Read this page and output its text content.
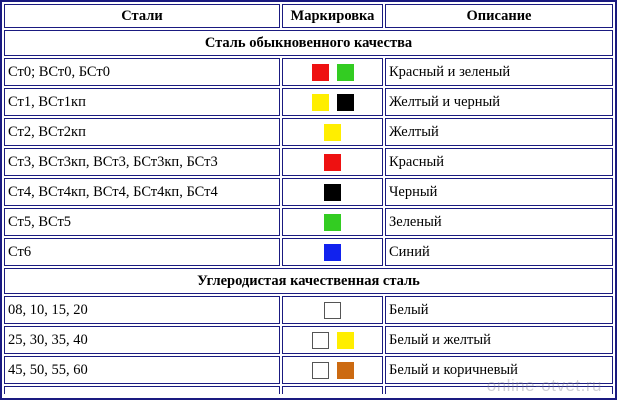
Стали	Маркировка	Описание
Сталь обыкновенного качества		
Ст0; ВСт0, БСт0		Красный и зеленый
Ст1, ВСт1кп		Желтый и черный
Ст2, ВСт2кп		Желтый
Ст3, ВСт3кп, ВСт3, БСт3кп, БСт3		Красный
Ст4, ВСт4кп, ВСт4, БСт4кп, БСт4		Черный
Ст5, ВСт5		Зеленый
Ст6		Синий
Углеродистая качественная сталь		
08, 10, 15, 20		Белый
25, 30, 35, 40		Белый и желтый
45, 50, 55, 60		Белый и коричневый

online-otvet.ru
